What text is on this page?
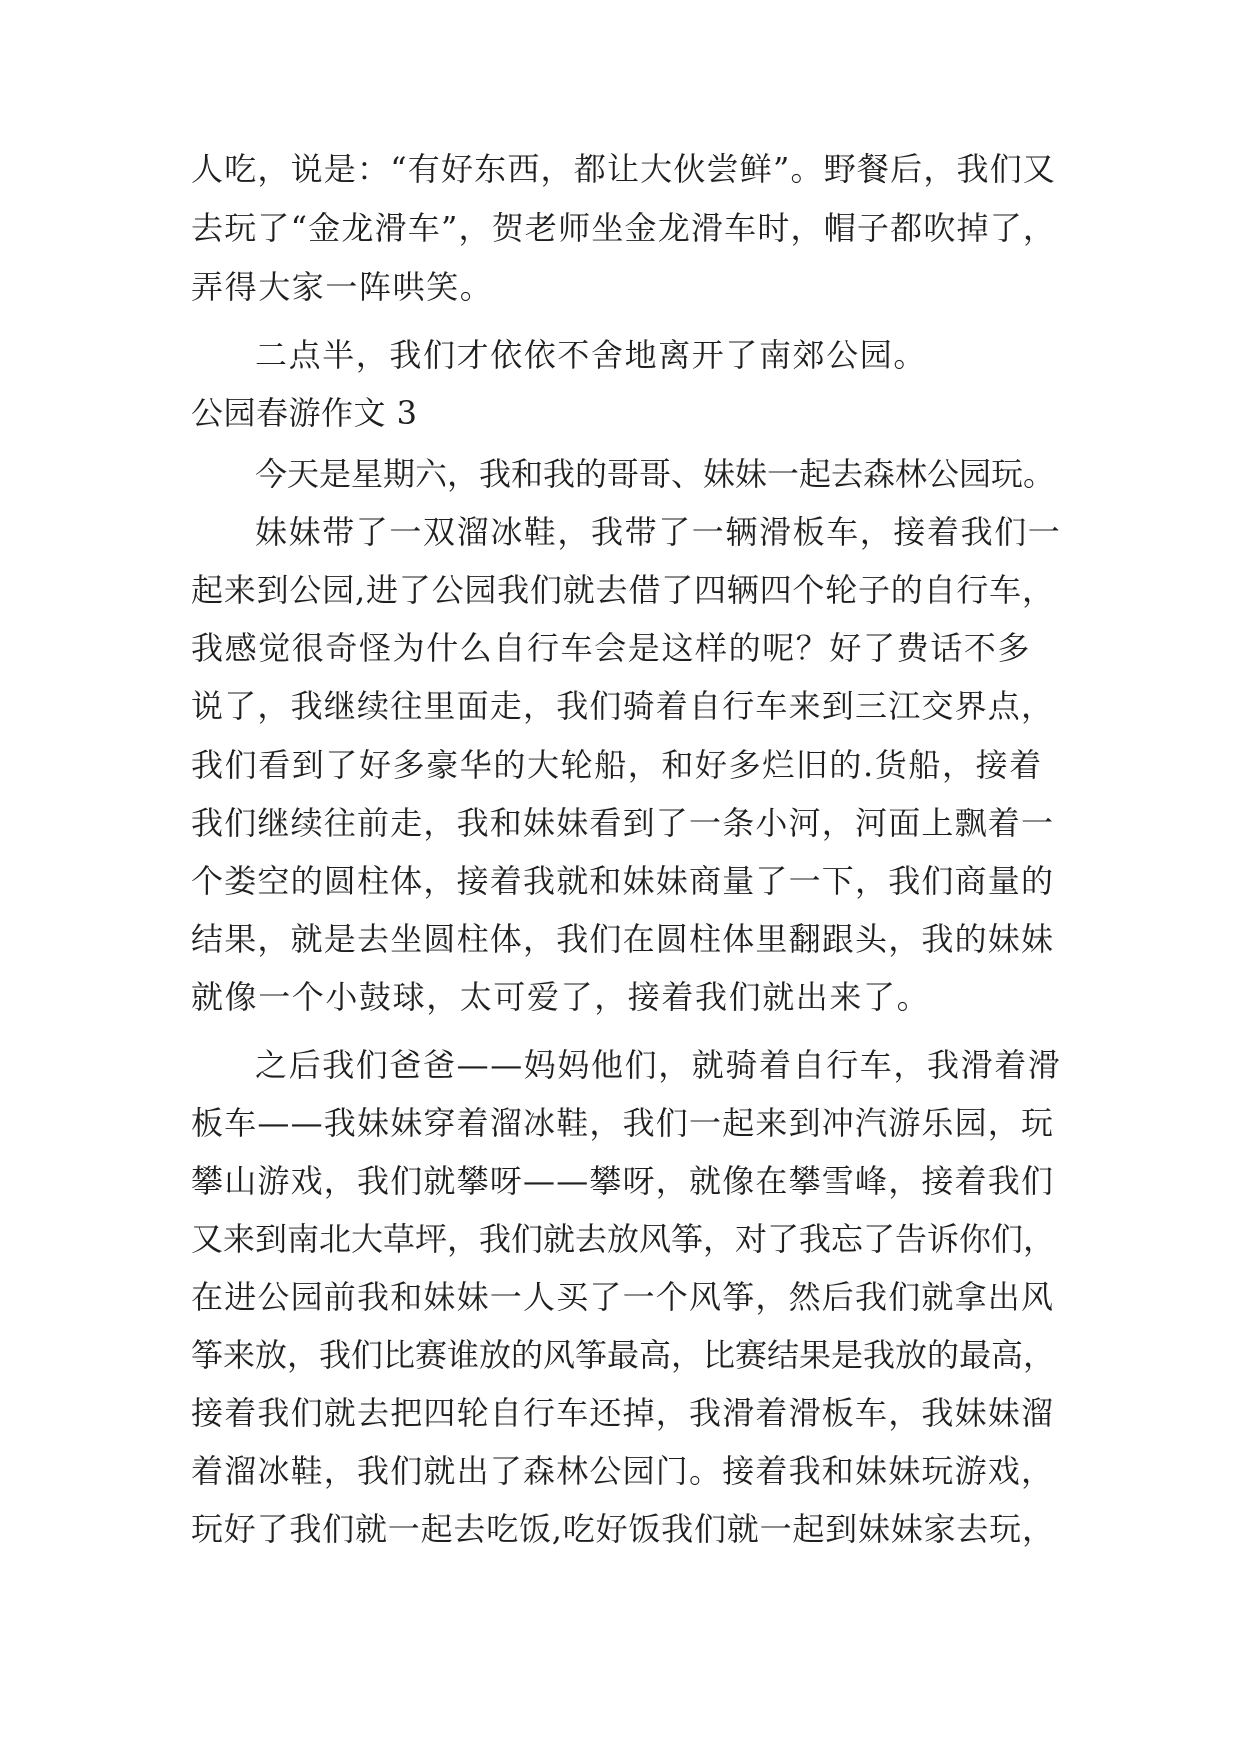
人吃，说是：“有好东西，都让大伙尝鲜”。野餐后，我们又
去玩了“金龙滑车”，贺老师坐金龙滑车时，帽子都吹掉了，
弄得大家一阵哄笑。
二点半，我们才依依不舍地离开了南郊公园。
公园春游作文 3
今天是星期六，我和我的哥哥、妹妹一起去森林公园玩。
妹妹带了一双溜冰鞋，我带了一辆滑板车，接着我们一
起来到公园,进了公园我们就去借了四辆四个轮子的自行车，
我感觉很奇怪为什么自行车会是这样的呢？好了费话不多
说了，我继续往里面走，我们骑着自行车来到三江交界点，
我们看到了好多豪华的大轮船，和好多烂旧的.货船，接着
我们继续往前走，我和妹妹看到了一条小河，河面上飘着一
个娄空的圆柱体，接着我就和妹妹商量了一下，我们商量的
结果，就是去坐圆柱体，我们在圆柱体里翻跟头，我的妹妹
就像一个小鼓球，太可爱了，接着我们就出来了。
之后我们爸爸——妈妈他们，就骑着自行车，我滑着滑
板车——我妹妹穿着溜冰鞋，我们一起来到冲汽游乐园，玩
攀山游戏，我们就攀呀——攀呀，就像在攀雪峰，接着我们
又来到南北大草坪，我们就去放风筝，对了我忘了告诉你们，
在进公园前我和妹妹一人买了一个风筝，然后我们就拿出风
筝来放，我们比赛谁放的风筝最高，比赛结果是我放的最高，
接着我们就去把四轮自行车还掉，我滑着滑板车，我妹妹溜
着溜冰鞋，我们就出了森林公园门。接着我和妹妹玩游戏，
玩好了我们就一起去吃饭,吃好饭我们就一起到妹妹家去玩，
